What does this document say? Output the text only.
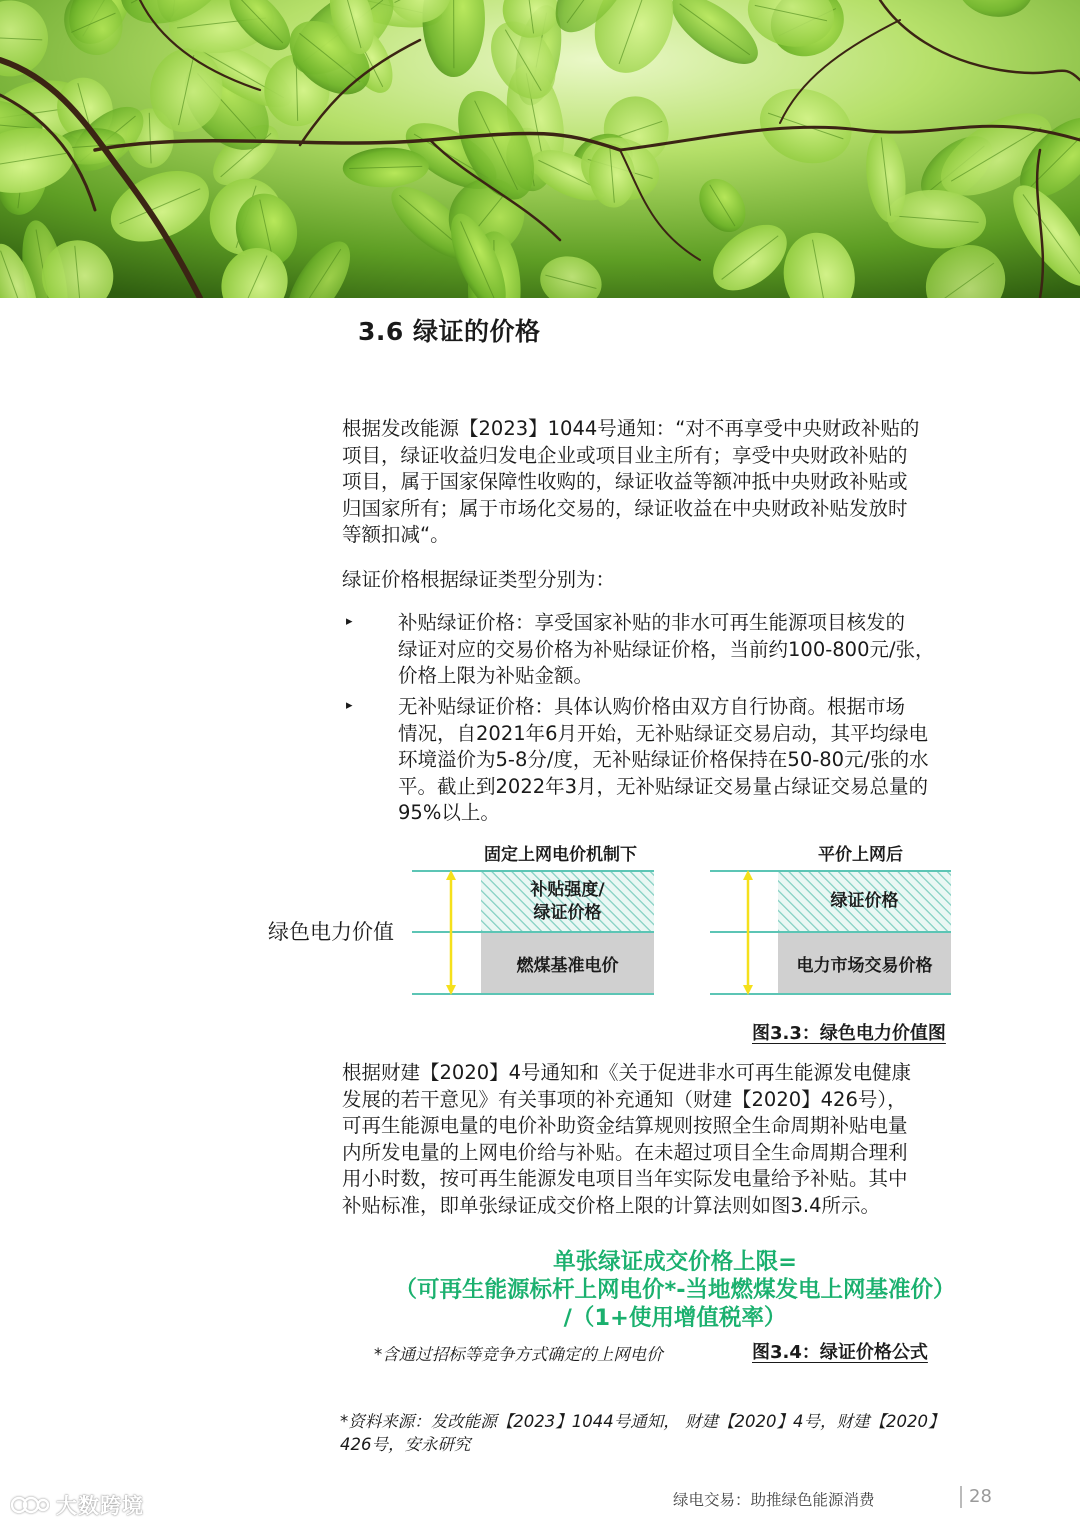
3.6 绿证的价格
根据发改能源【2023】1044号通知：“对不再享受中央财政补贴的
项目，绿证收益归发电企业或项目业主所有；享受中央财政补贴的
项目，属于国家保障性收购的，绿证收益等额冲抵中央财政补贴或
归国家所有；属于市场化交易的，绿证收益在中央财政补贴发放时
等额扣减“。
绿证价格根据绿证类型分别为：
▸ 补贴绿证价格：享受国家补贴的非水可再生能源项目核发的
绿证对应的交易价格为补贴绿证价格，当前约100-800元/张，
价格上限为补贴金额。
▸ 无补贴绿证价格：具体认购价格由双方自行协商。根据市场
情况，自2021年6月开始，无补贴绿证交易启动，其平均绿电
环境溢价为5-8分/度，无补贴绿证价格保持在50-80元/张的水
平。截止到2022年3月，无补贴绿证交易量占绿证交易总量的
95%以上。
绿色电力价值
固定上网电价机制下
补贴强度/
绿证价格
燃煤基准电价
平价上网后
绿证价格
电力市场交易价格
图3.3：绿色电力价值图
根据财建【2020】4号通知和《关于促进非水可再生能源发电健康
发展的若干意见》有关事项的补充通知（财建【2020】426号），
可再生能源电量的电价补助资金结算规则按照全生命周期补贴电量
内所发电量的上网电价给与补贴。在未超过项目全生命周期合理利
用小时数，按可再生能源发电项目当年实际发电量给予补贴。其中
补贴标准，即单张绿证成交价格上限的计算法则如图3.4所示。
单张绿证成交价格上限=
（可再生能源标杆上网电价*-当地燃煤发电上网基准价）
/（1+使用增值税率）
*含通过招标等竞争方式确定的上网电价	图3.4：绿证价格公式
*资料来源：发改能源【2023】1044号通知， 财建【2020】4号，财建【2020】
426号，安永研究
绿电交易：助推绿色能源消费	28
大数跨境
